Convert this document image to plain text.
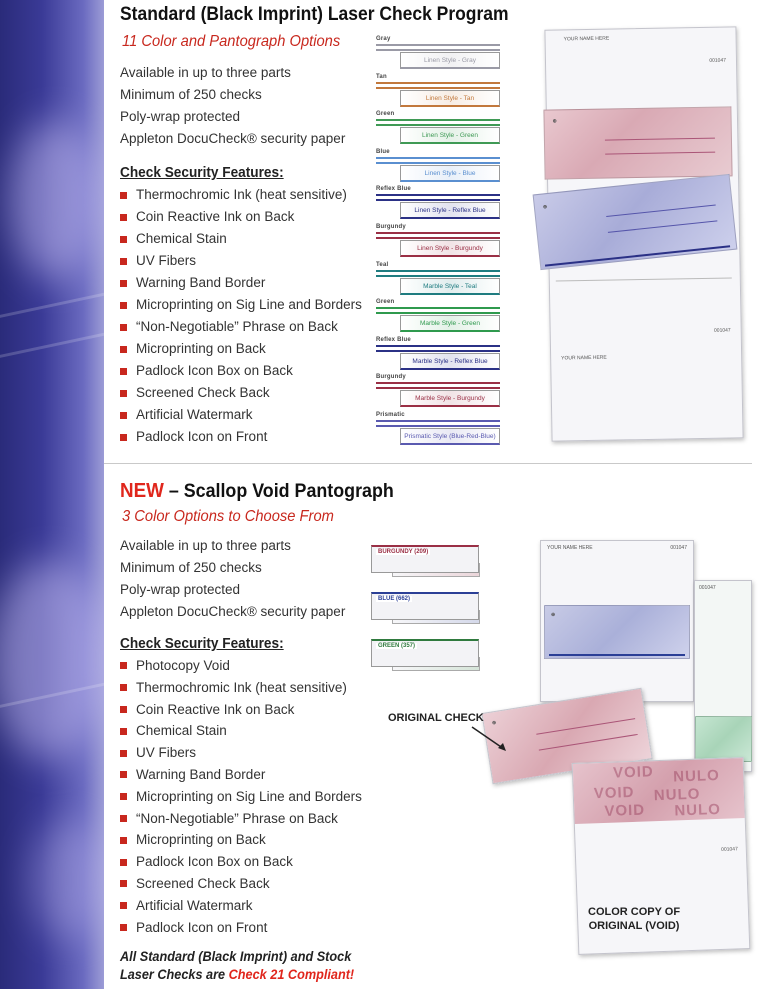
Standard (Black Imprint) Laser Check Program
11 Color and Pantograph Options
Available in up to three parts
Minimum of 250 checks
Poly-wrap protected
Appleton DocuCheck® security paper
Check Security Features:
Thermochromic Ink (heat sensitive)
Coin Reactive Ink on Back
Chemical Stain
UV Fibers
Warning Band Border
Microprinting on Sig Line and Borders
“Non-Negotiable” Phrase on Back
Microprinting on Back
Padlock Icon Box on Back
Screened Check Back
Artificial Watermark
Padlock Icon on Front
Gray
Linen Style - Gray
Tan
Linen Style - Tan
Green
Linen Style - Green
Blue
Linen Style - Blue
Reflex Blue
Linen Style - Reflex Blue
Burgundy
Linen Style - Burgundy
Teal
Marble Style - Teal
Green
Marble Style - Green
Reflex Blue
Marble Style - Reflex Blue
Burgundy
Marble Style - Burgundy
Prismatic
Prismatic Style (Blue-Red-Blue)
YOUR NAME HERE
001047
001047
YOUR NAME HERE
⊕
⊕
NEW – Scallop Void Pantograph
3 Color Options to Choose From
Available in up to three parts
Minimum of 250 checks
Poly-wrap protected
Appleton DocuCheck® security paper
Check Security Features:
Photocopy Void
Thermochromic Ink (heat sensitive)
Coin Reactive Ink on Back
Chemical Stain
UV Fibers
Warning Band Border
Microprinting on Sig Line and Borders
“Non-Negotiable” Phrase on Back
Microprinting on Back
Padlock Icon Box on Back
Screened Check Back
Artificial Watermark
Padlock Icon on Front
BURGUNDY (209)
BLUE (662)
GREEN (357)
YOUR NAME HERE	001047
⊕
001047
⊕
VOID NULO
VOID NULO
VOID NULO
001047
ORIGINAL CHECK
COLOR COPY OF
ORIGINAL (VOID)
All Standard (Black Imprint) and Stock
Laser Checks are Check 21 Compliant!
